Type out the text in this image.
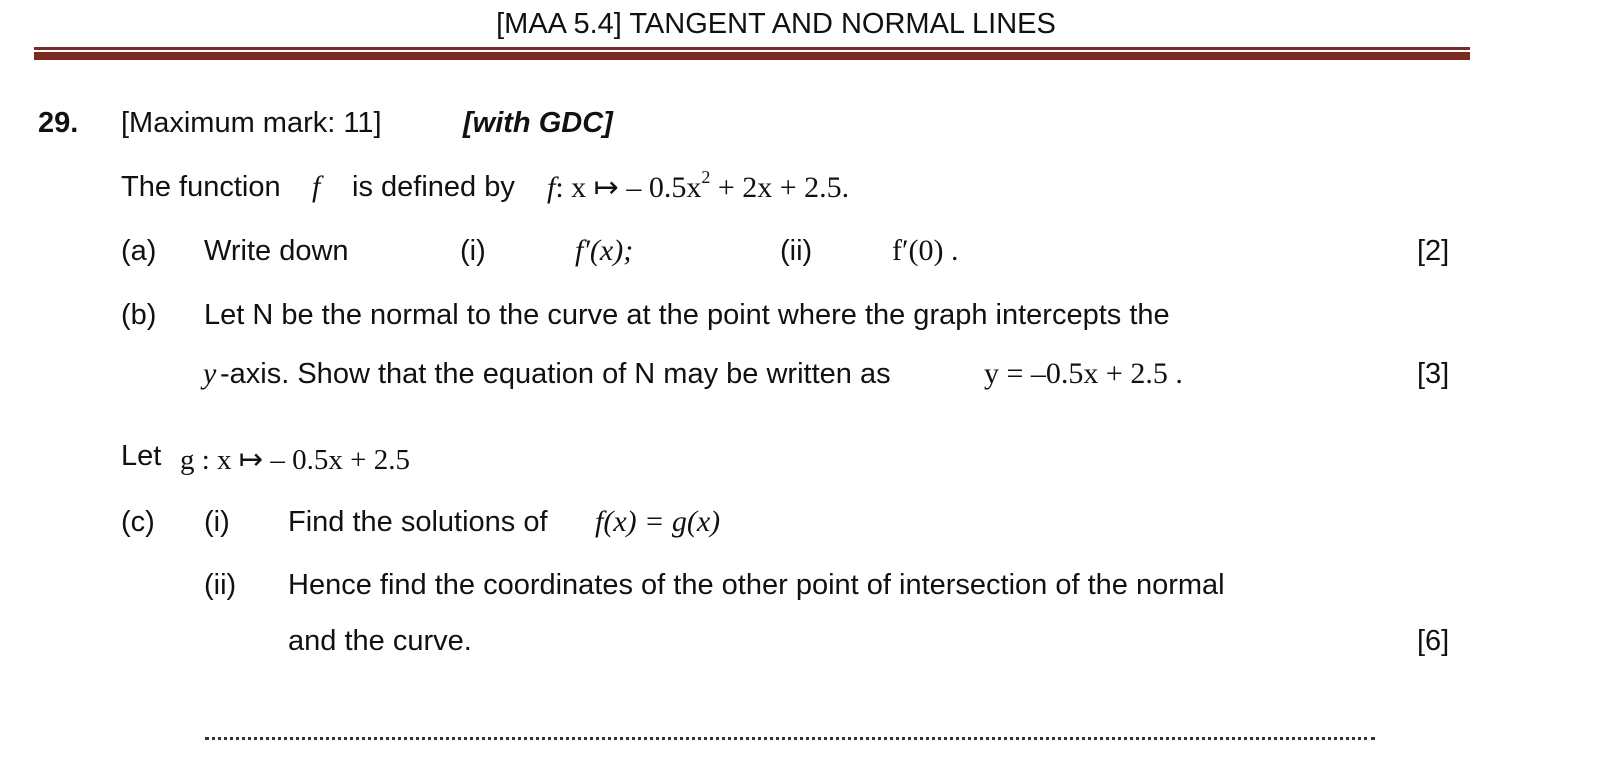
[MAA 5.4] TANGENT AND NORMAL LINES
29. [Maximum mark: 11]	[with GDC]
The function f is defined by f: x ↦ – $0.5x^2 + 2x + 2.5$.
(a) Write down	(i)	f′(x);	(ii)	f′(0) .	[2]
(b) Let N be the normal to the curve at the point where the graph intercepts the
y -axis. Show that the equation of N may be written as	y = –0.5x + 2.5 .	[3]
Let g : x ↦ – 0.5x + 2.5
(c) (i) Find the solutions of f(x) = g(x)
(ii) Hence find the coordinates of the other point of intersection of the normal
and the curve.	[6]
